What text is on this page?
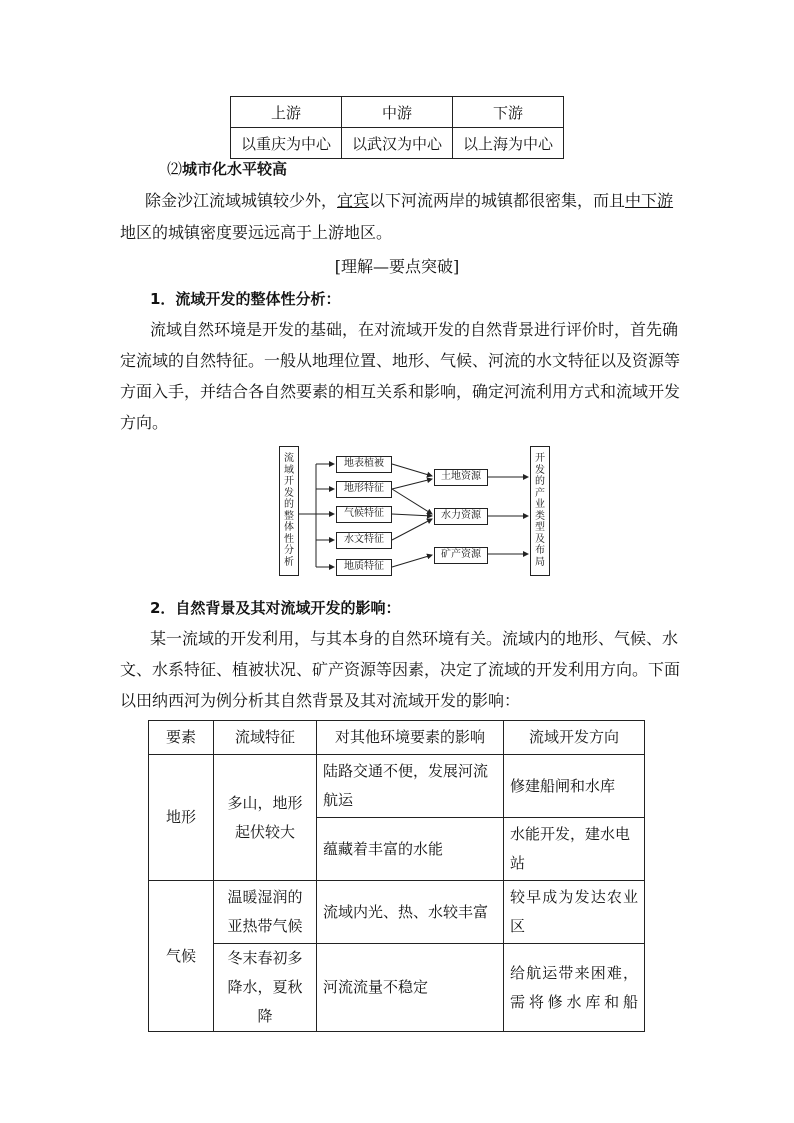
上游	中游	下游
以重庆为中心	以武汉为中心	以上海为中心
⑵城市化水平较高
除金沙江流域城镇较少外，宜宾以下河流两岸的城镇都很密集，而且中下游
地区的城镇密度要远远高于上游地区。
[理解—要点突破]
1．流域开发的整体性分析：
流域自然环境是开发的基础，在对流域开发的自然背景进行评价时，首先确
定流域的自然特征。一般从地理位置、地形、气候、河流的水文特征以及资源等
方面入手，并结合各自然要素的相互关系和影响，确定河流利用方式和流域开发
方向。
流域开发的整体性分析
地表植被
地形特征
气候特征
水文特征
地质特征
土地资源
水力资源
矿产资源
开发的产业类型及布局
2．自然背景及其对流域开发的影响：
某一流域的开发利用，与其本身的自然环境有关。流域内的地形、气候、水
文、水系特征、植被状况、矿产资源等因素，决定了流域的开发利用方向。下面
以田纳西河为例分析其自然背景及其对流域开发的影响：
要素	流域特征	对其他环境要素的影响	流域开发方向
地形	多山，地形起伏较大	陆路交通不便，发展河流航运	修建船闸和水库
		蕴藏着丰富的水能	水能开发，建水电站
气候	温暖湿润的亚热带气候	流域内光、热、水较丰富	较早成为发达农业区
	冬末春初多降水，夏秋降	河流流量不稳定	给航运带来困难，需将修水库和船
